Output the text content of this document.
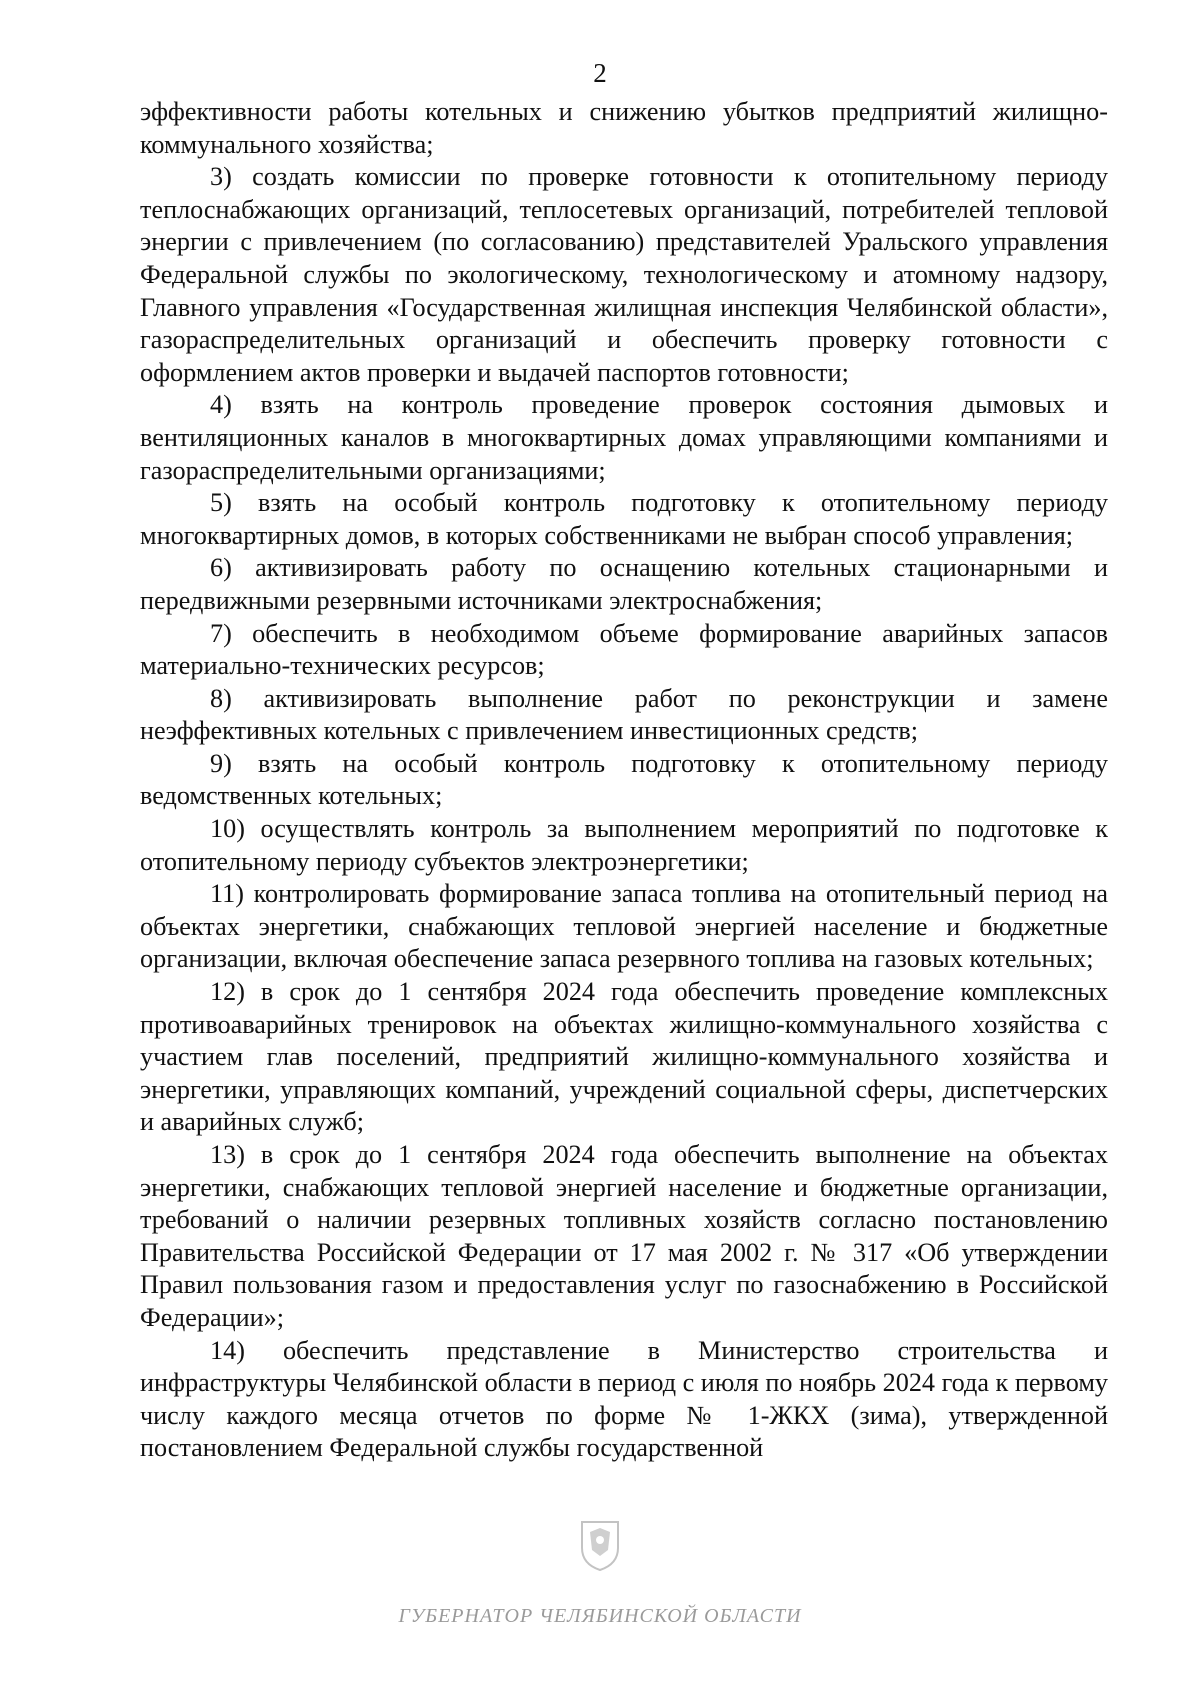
2

эффективности работы котельных и снижению убытков предприятий жилищно-коммунального хозяйства;

3) создать комиссии по проверке готовности к отопительному периоду теплоснабжающих организаций, теплосетевых организаций, потребителей тепловой энергии с привлечением (по согласованию) представителей Уральского управления Федеральной службы по экологическому, технологическому и атомному надзору, Главного управления «Государственная жилищная инспекция Челябинской области», газораспределительных организаций и обеспечить проверку готовности с оформлением актов проверки и выдачей паспортов готовности;

4) взять на контроль проведение проверок состояния дымовых и вентиляционных каналов в многоквартирных домах управляющими компаниями и газораспределительными организациями;

5) взять на особый контроль подготовку к отопительному периоду многоквартирных домов, в которых собственниками не выбран способ управления;

6) активизировать работу по оснащению котельных стационарными и передвижными резервными источниками электроснабжения;

7) обеспечить в необходимом объеме формирование аварийных запасов материально-технических ресурсов;

8) активизировать выполнение работ по реконструкции и замене неэффективных котельных с привлечением инвестиционных средств;

9) взять на особый контроль подготовку к отопительному периоду ведомственных котельных;

10) осуществлять контроль за выполнением мероприятий по подготовке к отопительному периоду субъектов электроэнергетики;

11) контролировать формирование запаса топлива на отопительный период на объектах энергетики, снабжающих тепловой энергией население и бюджетные организации, включая обеспечение запаса резервного топлива на газовых котельных;

12) в срок до 1 сентября 2024 года обеспечить проведение комплексных противоаварийных тренировок на объектах жилищно-коммунального хозяйства с участием глав поселений, предприятий жилищно-коммунального хозяйства и энергетики, управляющих компаний, учреждений социальной сферы, диспетчерских и аварийных служб;

13) в срок до 1 сентября 2024 года обеспечить выполнение на объектах энергетики, снабжающих тепловой энергией население и бюджетные организации, требований о наличии резервных топливных хозяйств согласно постановлению Правительства Российской Федерации от 17 мая 2002 г. № 317 «Об утверждении Правил пользования газом и предоставления услуг по газоснабжению в Российской Федерации»;

14) обеспечить представление в Министерство строительства и инфраструктуры Челябинской области в период с июля по ноябрь 2024 года к первому числу каждого месяца отчетов по форме № 1-ЖКХ (зима), утвержденной постановлением Федеральной службы государственной

ГУБЕРНАТОР ЧЕЛЯБИНСКОЙ ОБЛАСТИ
